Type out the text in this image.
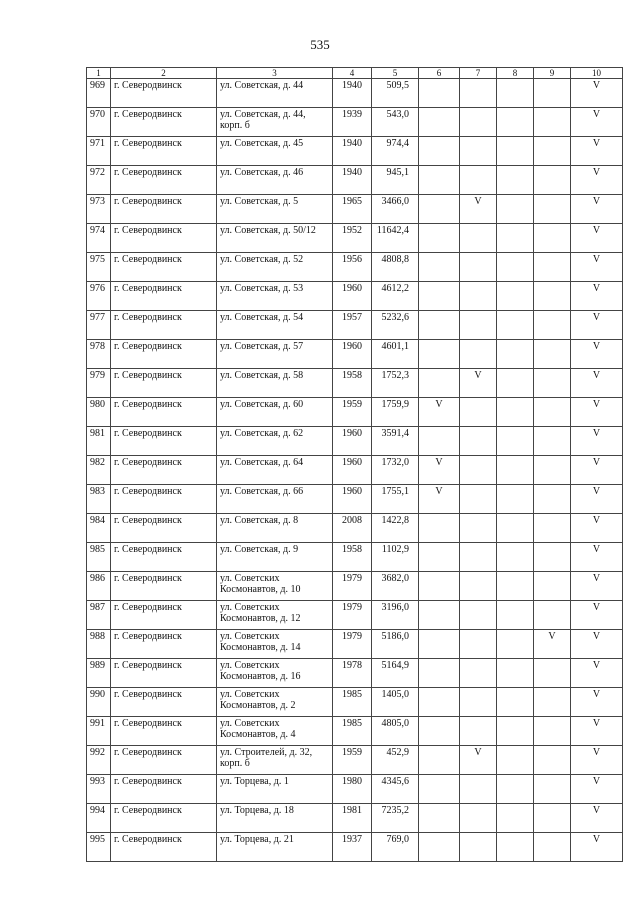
535
1	2	3	4	5	6	7	8	9	10
969	г. Северодвинск	ул. Советская, д. 44	1940	509,5					V
970	г. Северодвинск	ул. Советская, д. 44, корп. б	1939	543,0					V
971	г. Северодвинск	ул. Советская, д. 45	1940	974,4					V
972	г. Северодвинск	ул. Советская, д. 46	1940	945,1					V
973	г. Северодвинск	ул. Советская, д. 5	1965	3466,0		V			V
974	г. Северодвинск	ул. Советская, д. 50/12	1952	11642,4					V
975	г. Северодвинск	ул. Советская, д. 52	1956	4808,8					V
976	г. Северодвинск	ул. Советская, д. 53	1960	4612,2					V
977	г. Северодвинск	ул. Советская, д. 54	1957	5232,6					V
978	г. Северодвинск	ул. Советская, д. 57	1960	4601,1					V
979	г. Северодвинск	ул. Советская, д. 58	1958	1752,3		V			V
980	г. Северодвинск	ул. Советская, д. 60	1959	1759,9	V				V
981	г. Северодвинск	ул. Советская, д. 62	1960	3591,4					V
982	г. Северодвинск	ул. Советская, д. 64	1960	1732,0	V				V
983	г. Северодвинск	ул. Советская, д. 66	1960	1755,1	V				V
984	г. Северодвинск	ул. Советская, д. 8	2008	1422,8					V
985	г. Северодвинск	ул. Советская, д. 9	1958	1102,9					V
986	г. Северодвинск	ул. Советских Космонавтов, д. 10	1979	3682,0					V
987	г. Северодвинск	ул. Советских Космонавтов, д. 12	1979	3196,0					V
988	г. Северодвинск	ул. Советских Космонавтов, д. 14	1979	5186,0				V	V
989	г. Северодвинск	ул. Советских Космонавтов, д. 16	1978	5164,9					V
990	г. Северодвинск	ул. Советских Космонавтов, д. 2	1985	1405,0					V
991	г. Северодвинск	ул. Советских Космонавтов, д. 4	1985	4805,0					V
992	г. Северодвинск	ул. Строителей, д. 32, корп. б	1959	452,9		V			V
993	г. Северодвинск	ул. Торцева, д. 1	1980	4345,6					V
994	г. Северодвинск	ул. Торцева, д. 18	1981	7235,2					V
995	г. Северодвинск	ул. Торцева, д. 21	1937	769,0					V
